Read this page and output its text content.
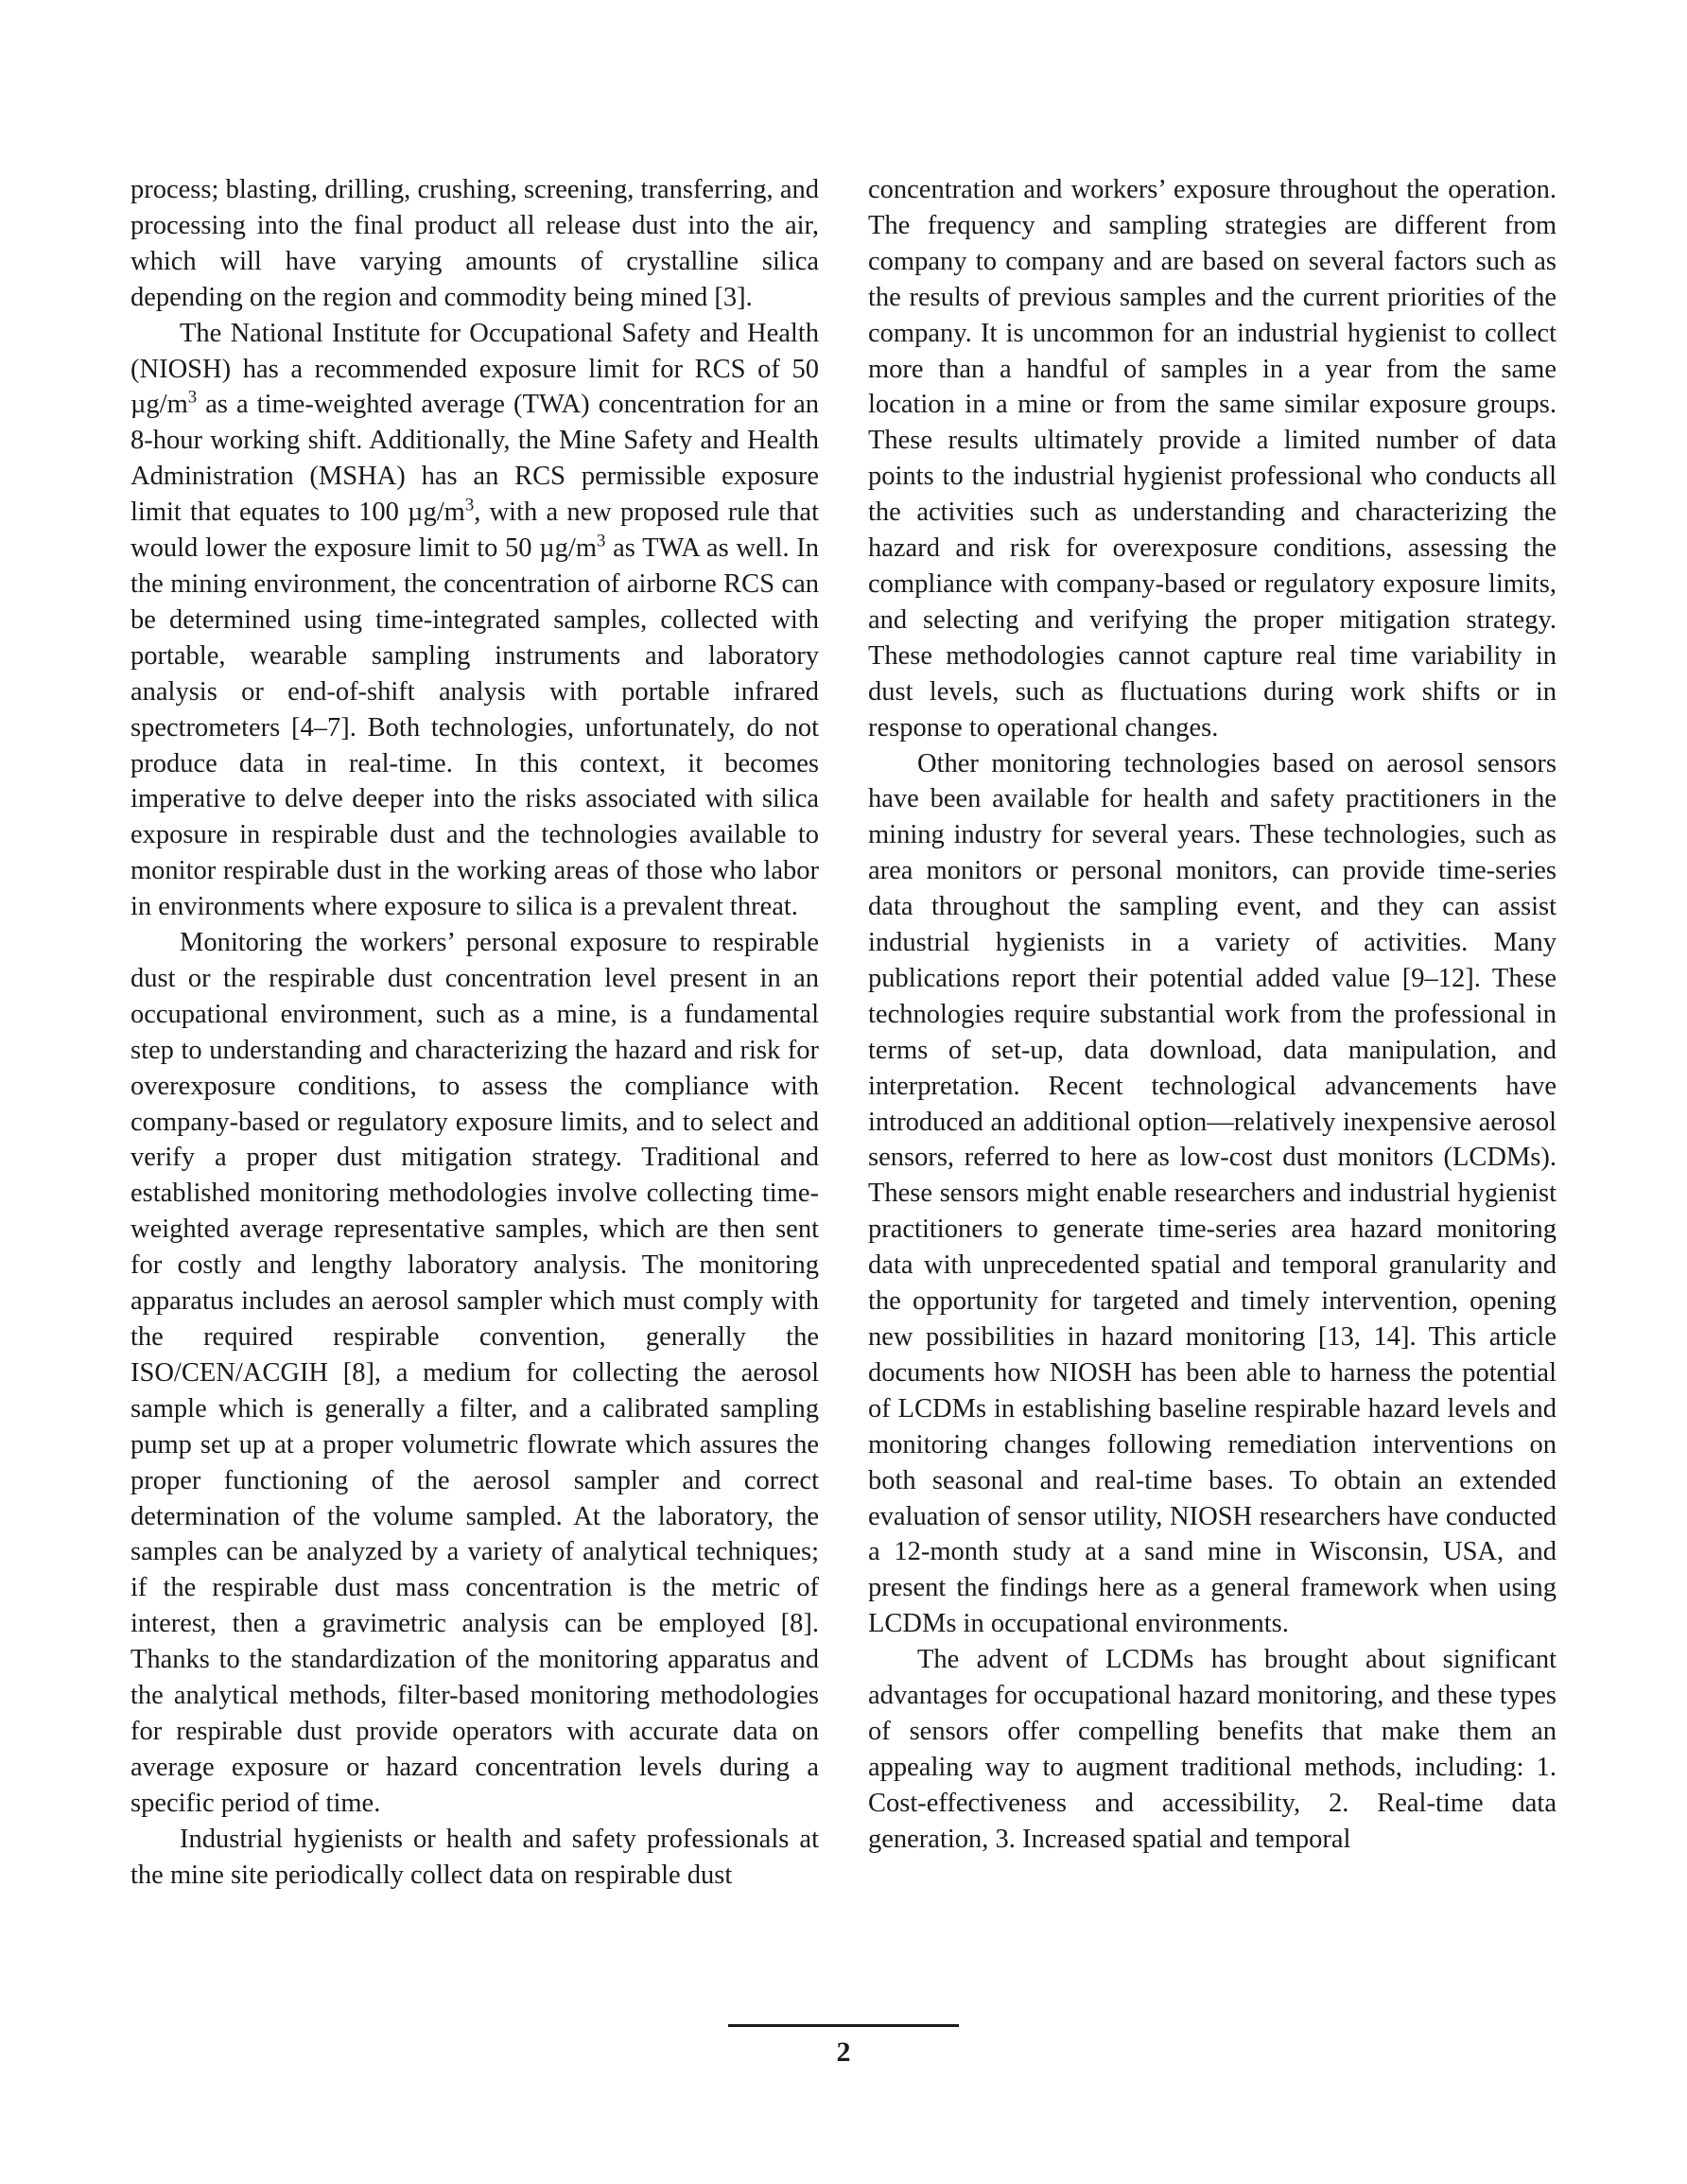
process; blasting, drilling, crushing, screening, transferring, and processing into the final product all release dust into the air, which will have varying amounts of crystalline silica depending on the region and commodity being mined [3].

The National Institute for Occupational Safety and Health (NIOSH) has a recommended exposure limit for RCS of 50 $\mu g/m^3$ as a time-weighted average (TWA) concentration for an 8-hour working shift. Additionally, the Mine Safety and Health Administration (MSHA) has an RCS permissible exposure limit that equates to 100 $\mu g/m^3$, with a new proposed rule that would lower the exposure limit to 50 $\mu g/m^3$ as TWA as well. In the mining environment, the concentration of airborne RCS can be determined using time-integrated samples, collected with portable, wearable sampling instruments and laboratory analysis or end-of-shift analysis with portable infrared spectrometers [4–7]. Both technologies, unfortunately, do not produce data in real-time. In this context, it becomes imperative to delve deeper into the risks associated with silica exposure in respirable dust and the technologies available to monitor respirable dust in the working areas of those who labor in environments where exposure to silica is a prevalent threat.

Monitoring the workers’ personal exposure to respirable dust or the respirable dust concentration level present in an occupational environment, such as a mine, is a fundamental step to understanding and characterizing the hazard and risk for overexposure conditions, to assess the compliance with company-based or regulatory exposure limits, and to select and verify a proper dust mitigation strategy. Traditional and established monitoring methodologies involve collecting time-weighted average representative samples, which are then sent for costly and lengthy laboratory analysis. The monitoring apparatus includes an aerosol sampler which must comply with the required respirable convention, generally the ISO/CEN/ACGIH [8], a medium for collecting the aerosol sample which is generally a filter, and a calibrated sampling pump set up at a proper volumetric flowrate which assures the proper functioning of the aerosol sampler and correct determination of the volume sampled. At the laboratory, the samples can be analyzed by a variety of analytical techniques; if the respirable dust mass concentration is the metric of interest, then a gravimetric analysis can be employed [8]. Thanks to the standardization of the monitoring apparatus and the analytical methods, filter-based monitoring methodologies for respirable dust provide operators with accurate data on average exposure or hazard concentration levels during a specific period of time.

Industrial hygienists or health and safety professionals at the mine site periodically collect data on respirable dust

concentration and workers’ exposure throughout the operation. The frequency and sampling strategies are different from company to company and are based on several factors such as the results of previous samples and the current priorities of the company. It is uncommon for an industrial hygienist to collect more than a handful of samples in a year from the same location in a mine or from the same similar exposure groups. These results ultimately provide a limited number of data points to the industrial hygienist professional who conducts all the activities such as understanding and characterizing the hazard and risk for overexposure conditions, assessing the compliance with company-based or regulatory exposure limits, and selecting and verifying the proper mitigation strategy. These methodologies cannot capture real time variability in dust levels, such as fluctuations during work shifts or in response to operational changes.

Other monitoring technologies based on aerosol sensors have been available for health and safety practitioners in the mining industry for several years. These technologies, such as area monitors or personal monitors, can provide time-series data throughout the sampling event, and they can assist industrial hygienists in a variety of activities. Many publications report their potential added value [9–12]. These technologies require substantial work from the professional in terms of set-up, data download, data manipulation, and interpretation. Recent technological advancements have introduced an additional option—relatively inexpensive aerosol sensors, referred to here as low-cost dust monitors (LCDMs). These sensors might enable researchers and industrial hygienist practitioners to generate time-series area hazard monitoring data with unprecedented spatial and temporal granularity and the opportunity for targeted and timely intervention, opening new possibilities in hazard monitoring [13, 14]. This article documents how NIOSH has been able to harness the potential of LCDMs in establishing baseline respirable hazard levels and monitoring changes following remediation interventions on both seasonal and real-time bases. To obtain an extended evaluation of sensor utility, NIOSH researchers have conducted a 12-month study at a sand mine in Wisconsin, USA, and present the findings here as a general framework when using LCDMs in occupational environments.

The advent of LCDMs has brought about significant advantages for occupational hazard monitoring, and these types of sensors offer compelling benefits that make them an appealing way to augment traditional methods, including: 1. Cost-effectiveness and accessibility, 2. Real-time data generation, 3. Increased spatial and temporal

2
